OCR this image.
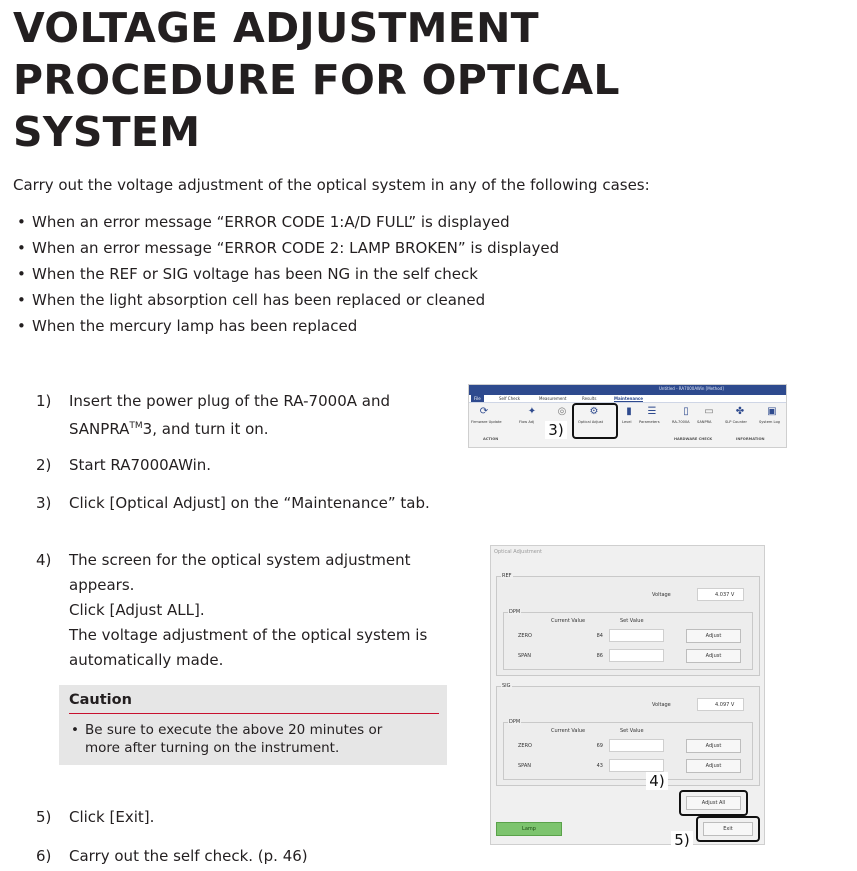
VOLTAGE ADJUSTMENT
PROCEDURE FOR OPTICAL
SYSTEM

Carry out the voltage adjustment of the optical system in any of the following cases:

• When an error message “ERROR CODE 1:A/D FULL” is displayed
• When an error message “ERROR CODE 2: LAMP BROKEN” is displayed
• When the REF or SIG voltage has been NG in the self check
• When the light absorption cell has been replaced or cleaned
• When the mercury lamp has been replaced
1)	Insert the power plug of the RA-7000A and
SANPRA™3, and turn it on.
2)	Start RA7000AWin.
3)	Click [Optical Adjust] on the “Maintenance” tab.
4)	The screen for the optical system adjustment
appears.
Click [Adjust ALL].
The voltage adjustment of the optical system is
automatically made.
Caution
• Be sure to execute the above 20 minutes or
more after turning on the instrument.
5)	Click [Exit].
6)	Carry out the self check. (p. 46)
Untitled - RA7000AWin [Method]
File	Self Check	Measurement	Results	Maintenance
⟳
Firmware Update
✦
Flow Adj
◎ ⚙
Optical Adjust
▮
Level
☰
Parameters
▯
RA-7000A
▭
SANPRA
✤
SLP Counter
▣
System Log
ACTION	HARDWARE CHECK	INFORMATION
3)
Optical Adjustment
REF
Voltage	4.037 V
DPM
Current Value	Set Value
ZERO	84	Adjust
SPAN	86	Adjust
SIG
Voltage	4.097 V
DPM
Current Value	Set Value
ZERO	69	Adjust
SPAN	43	Adjust
4)
Adjust All
Lamp	Exit
5)
